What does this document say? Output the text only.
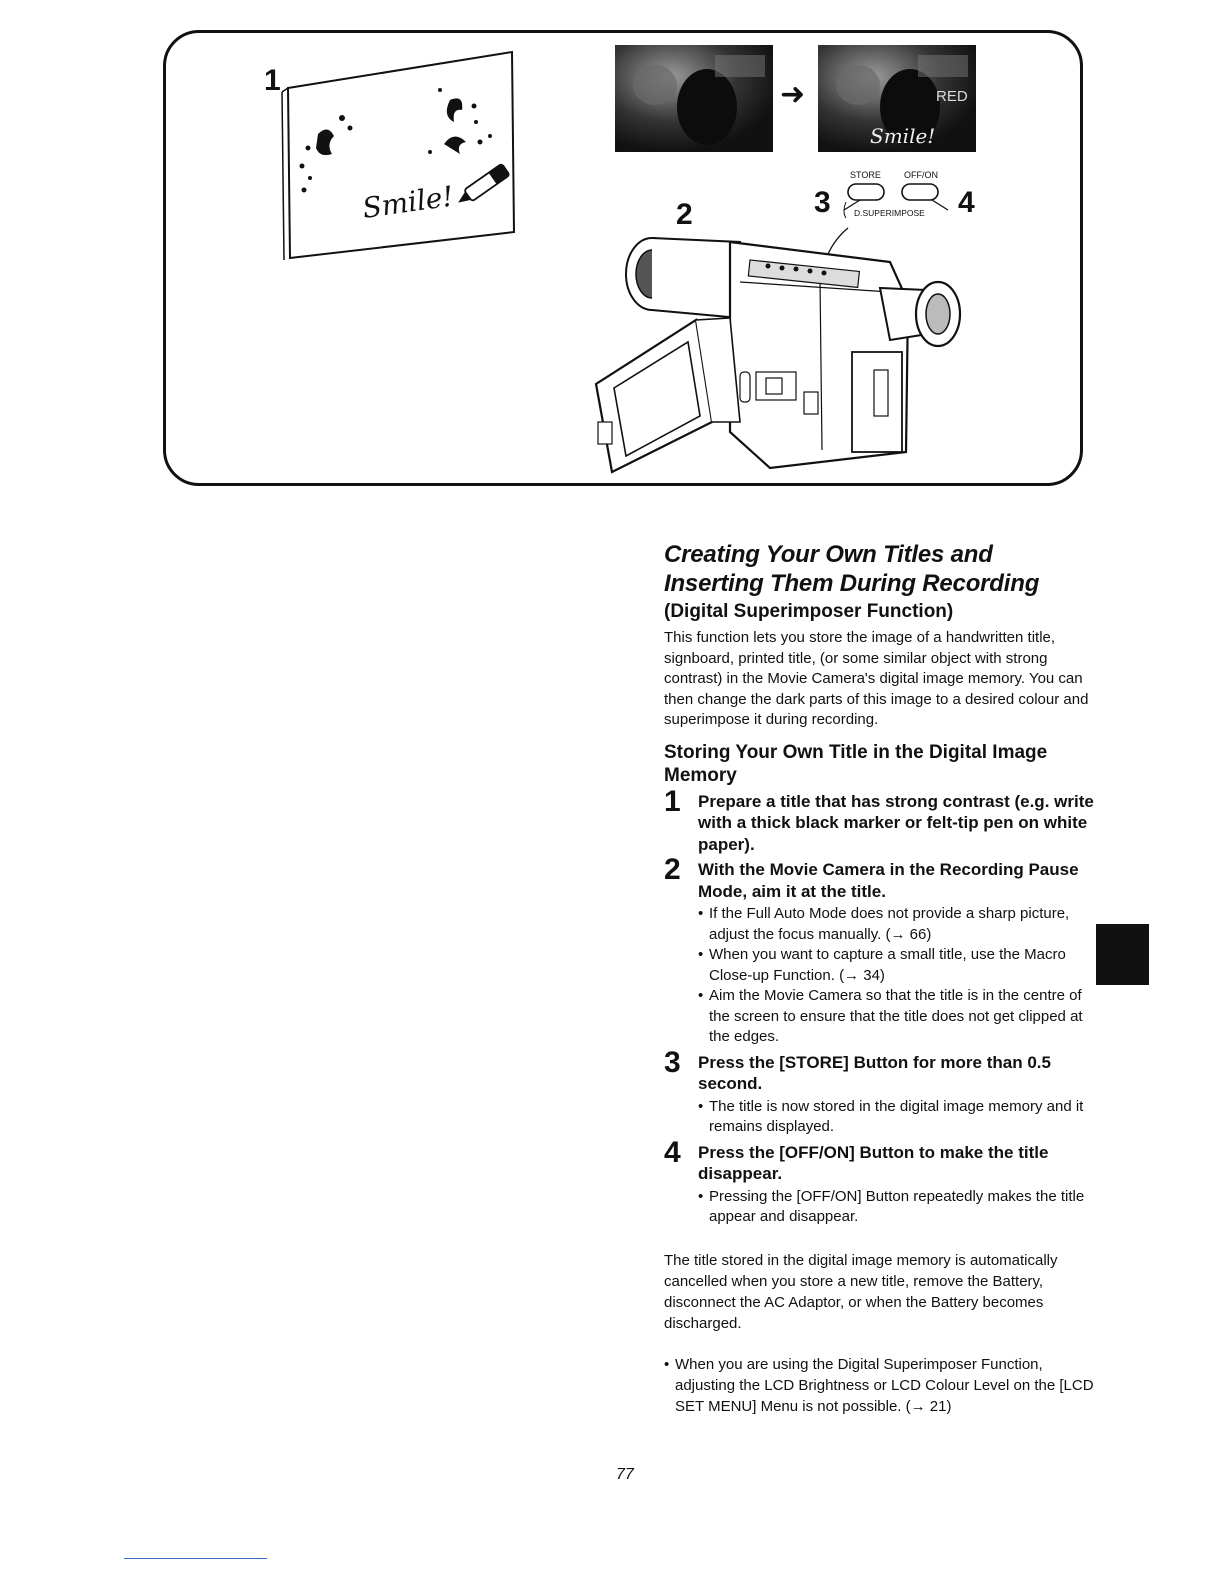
1
2	3	4
Smile!
➜	RED
Smile!
STORE	OFF/ON
D.SUPERIMPOSE
Creating Your Own Titles and
Inserting Them During Recording
(Digital Superimposer Function)

This function lets you store the image of a handwritten title, signboard, printed title, (or some similar object with strong contrast) in the Movie Camera's digital image memory. You can then change the dark parts of this image to a desired colour and superimpose it during recording.

Storing Your Own Title in the Digital Image Memory
1 Prepare a title that has strong contrast (e.g. write with a thick black marker or felt-tip pen on white paper).

2 With the Movie Camera in the Recording Pause Mode, aim it at the title.

• If the Full Auto Mode does not provide a sharp picture, adjust the focus manually. (→ 66)
• When you want to capture a small title, use the Macro Close-up Function. (→ 34)
• Aim the Movie Camera so that the title is in the centre of the screen to ensure that the title does not get clipped at the edges.
3 Press the [STORE] Button for more than 0.5 second.

• The title is now stored in the digital image memory and it remains displayed.
4 Press the [OFF/ON] Button to make the title disappear.

• Pressing the [OFF/ON] Button repeatedly makes the title appear and disappear.

The title stored in the digital image memory is automatically cancelled when you store a new title, remove the Battery, disconnect the AC Adaptor, or when the Battery becomes discharged.

• When you are using the Digital Superimposer Function, adjusting the LCD Brightness or LCD Colour Level on the [LCD SET MENU] Menu is not possible. (→ 21)
77
